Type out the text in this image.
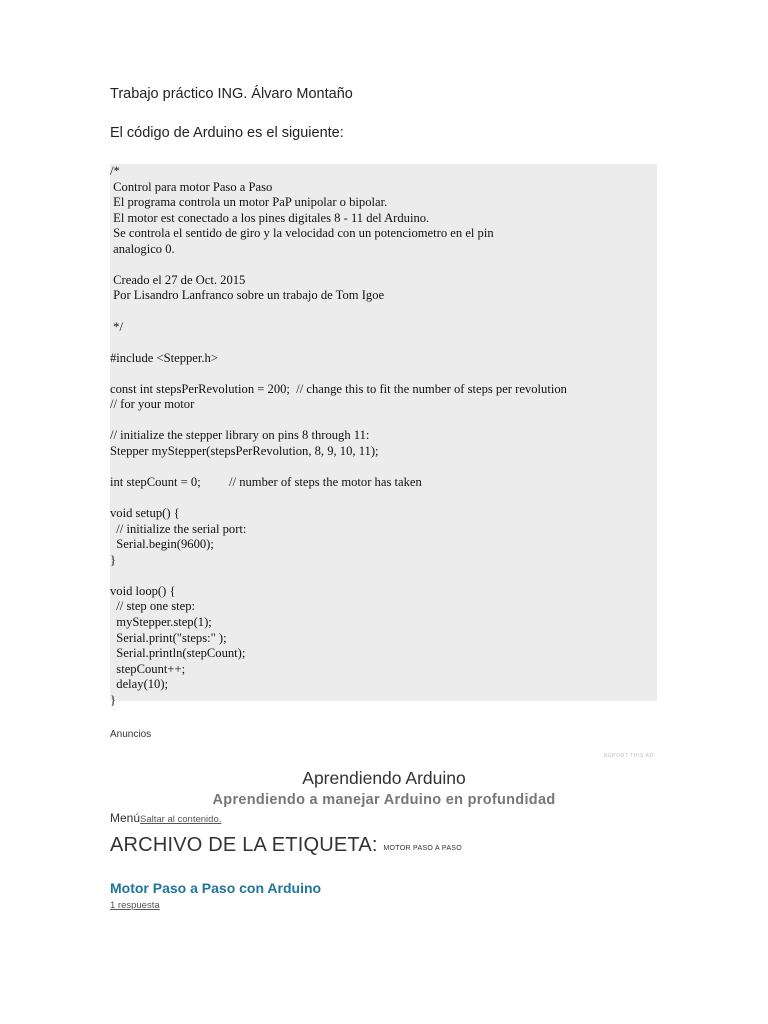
Trabajo práctico ING. Álvaro Montaño
El código de Arduino es el siguiente:
/*
Control para motor Paso a Paso
El programa controla un motor PaP unipolar o bipolar.
El motor est conectado a los pines digitales 8 - 11 del Arduino.
Se controla el sentido de giro y la velocidad con un potenciometro en el pin
analogico 0.
Creado el 27 de Oct. 2015
Por Lisandro Lanfranco sobre un trabajo de Tom Igoe
*/
#include <Stepper.h>
const int stepsPerRevolution = 200;  // change this to fit the number of steps per revolution
// for your motor
// initialize the stepper library on pins 8 through 11:
Stepper myStepper(stepsPerRevolution, 8, 9, 10, 11);
int stepCount = 0;         // number of steps the motor has taken
void setup() {
// initialize the serial port:
Serial.begin(9600);
}
void loop() {
// step one step:
myStepper.step(1);
Serial.print("steps:" );
Serial.println(stepCount);
stepCount++;
delay(10);
}
Anuncios
REPORT THIS AD
Aprendiendo Arduino
Aprendiendo a manejar Arduino en profundidad
MenúSaltar al contenido.
ARCHIVO DE LA ETIQUETA: MOTOR PASO A PASO
Motor Paso a Paso con Arduino
1 respuesta
